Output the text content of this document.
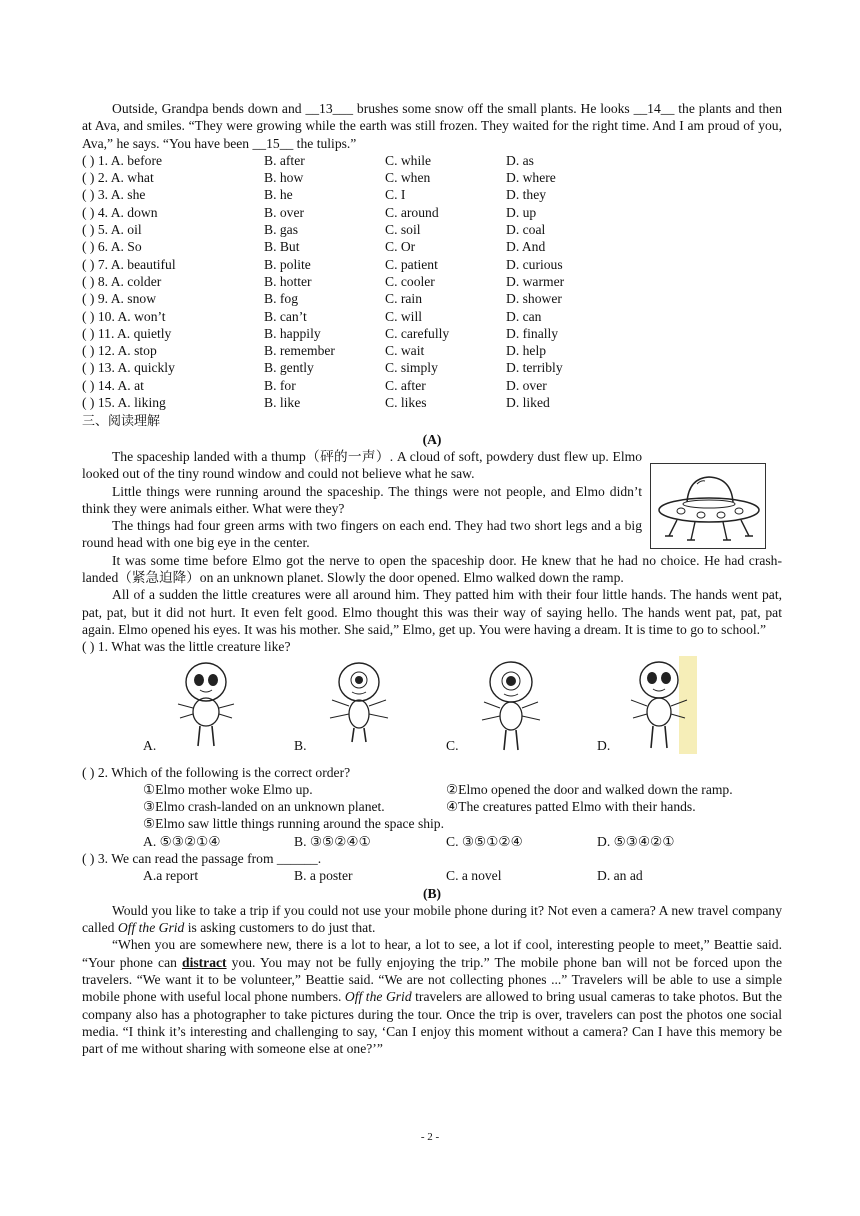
Outside, Grandpa bends down and __13___ brushes some snow off the small plants. He looks __14__ the plants and then at Ava, and smiles. “They were growing while the earth was still frozen. They waited for the right time. And I am proud of you, Ava,” he says. “You have been __15__ the tulips.”

( ) 1. A. before	B. after	C. while	D. as
( ) 2. A. what	B. how	C. when	D. where
( ) 3. A. she	B. he	C. I	D. they
( ) 4. A. down	B. over	C. around	D. up
( ) 5. A. oil	B. gas	C. soil	D. coal
( ) 6. A. So	B. But	C. Or	D. And
( ) 7. A. beautiful	B. polite	C. patient	D. curious
( ) 8. A. colder	B. hotter	C. cooler	D. warmer
( ) 9. A. snow	B. fog	C. rain	D. shower
( ) 10. A. won’t	B. can’t	C. will	D. can
( ) 11. A. quietly	B. happily	C. carefully	D. finally
( ) 12. A. stop	B. remember	C. wait	D. help
( ) 13. A. quickly	B. gently	C. simply	D. terribly
( ) 14. A. at	B. for	C. after	D. over
( ) 15. A. liking	B. like	C. likes	D. liked
三、阅读理解
(A)

The spaceship landed with a thump（砰的一声）. A cloud of soft, powdery dust flew up. Elmo looked out of the tiny round window and could not believe what he saw.

Little things were running around the spaceship. The things were not people, and Elmo didn’t think they were animals either. What were they?

The things had four green arms with two fingers on each end. They had two short legs and a big round head with one big eye in the center.

It was some time before Elmo got the nerve to open the spaceship door. He knew that he had no choice. He had crash-landed（紧急迫降）on an unknown planet. Slowly the door opened. Elmo walked down the ramp.

All of a sudden the little creatures were all around him. They patted him with their four little hands. The hands went pat, pat, pat, but it did not hurt. It even felt good. Elmo thought this was their way of saying hello. The hands went pat, pat, pat again. Elmo opened his eyes. It was his mother. She said,” Elmo, get up. You were having a dream. It is time to go to school.”

( ) 1. What was the little creature like?
A.	B.	C.	D.
( ) 2. Which of the following is the correct order?
①Elmo mother woke Elmo up.	②Elmo opened the door and walked down the ramp.
③Elmo crash-landed on an unknown planet.	④The creatures patted Elmo with their hands.
⑤Elmo saw little things running around the space ship.
A. ⑤③②①④	B. ③⑤②④①	C. ③⑤①②④	D. ⑤③④②①
( ) 3. We can read the passage from ______.
A.a report	B. a poster	C. a novel	D. an ad
(B)

Would you like to take a trip if you could not use your mobile phone during it? Not even a camera? A new travel company called Off the Grid is asking customers to do just that.

“When you are somewhere new, there is a lot to hear, a lot to see, a lot if cool, interesting people to meet,” Beattie said. “Your phone can distract you. You may not be fully enjoying the trip.” The mobile phone ban will not be forced upon the travelers. “We want it to be volunteer,” Beattie said. “We are not collecting phones ...” Travelers will be able to use a simple mobile phone with useful local phone numbers. Off the Grid travelers are allowed to bring usual cameras to take photos. But the company also has a photographer to take pictures during the tour. Once the trip is over, travelers can post the photos one social media. “I think it’s interesting and challenging to say, ‘Can I enjoy this moment without a camera? Can I have this memory be part of me without sharing with someone else at one?’”

- 2 -
